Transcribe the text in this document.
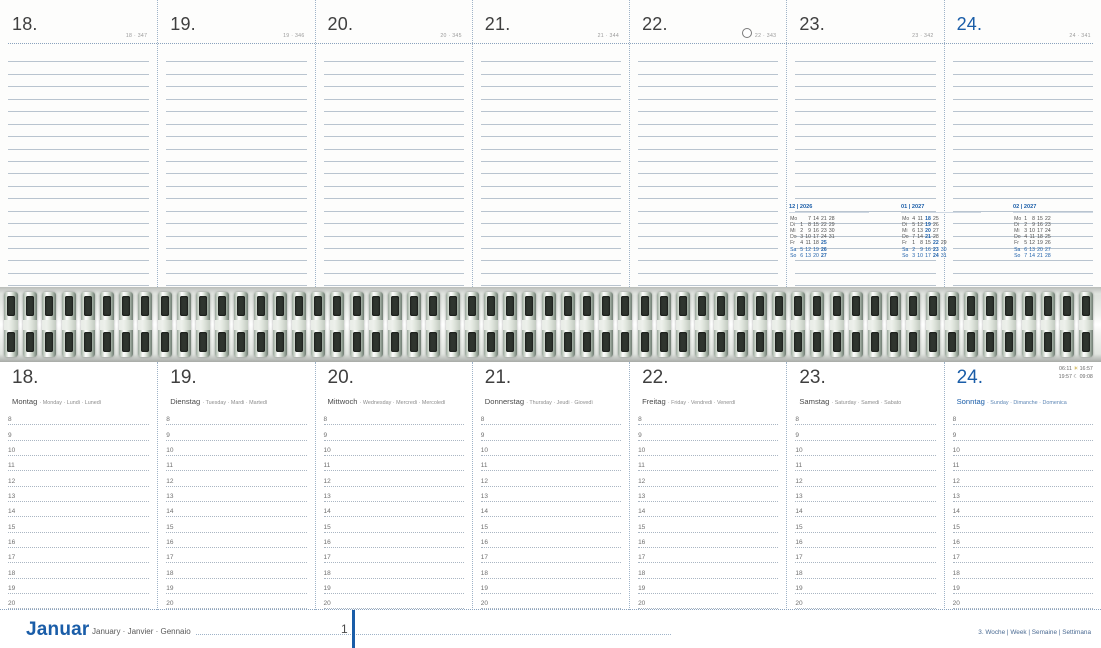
18.
18 · 347
19.
19 · 346
20.
20 · 345
21.
21 · 344
22.
22 · 343
23.
23 · 342
24.
24 · 341
12 | 2026
Mo		7	14	21	28
Di	1	8	15	22	29
Mi	2	9	16	23	30
Do	3	10	17	24	31
Fr	4	11	18	25	
Sa	5	12	19	26	
So	6	13	20	27	
01 | 2027
Mo	4	11	18	25	
Di	5	12	19	26	
Mi	6	13	20	27	
Do	7	14	21	28	
Fr	1	8	15	22	29
Sa	2	9	16	23	30
So	3	10	17	24	31
02 | 2027
Mo	1	8	15	22	
Di	2	9	16	23	
Mi	3	10	17	24	
Do	4	11	18	25	
Fr	5	12	19	26	
Sa	6	13	20	27	
So	7	14	21	28	
18.
Montag · Monday · Lundi · Lunedì
8
9
10
11
12
13
14
15
16
17
18
19
20
19.
Dienstag · Tuesday · Mardi · Martedì
8
9
10
11
12
13
14
15
16
17
18
19
20
20.
Mittwoch · Wednesday · Mercredi · Mercoledì
8
9
10
11
12
13
14
15
16
17
18
19
20
21.
Donnerstag · Thursday · Jeudi · Giovedì
8
9
10
11
12
13
14
15
16
17
18
19
20
22.
Freitag · Friday · Vendredi · Venerdì
8
9
10
11
12
13
14
15
16
17
18
19
20
23.
Samstag · Saturday · Samedi · Sabato
8
9
10
11
12
13
14
15
16
17
18
19
20
24.
Sonntag · Sunday · Dimanche · Domenica
06:11 ☀ 16:57
19:57 ☾ 09:08
8
9
10
11
12
13
14
15
16
17
18
19
20
Januar January · Janvier · Gennaio	1	3. Woche | Week | Semaine | Settimana
